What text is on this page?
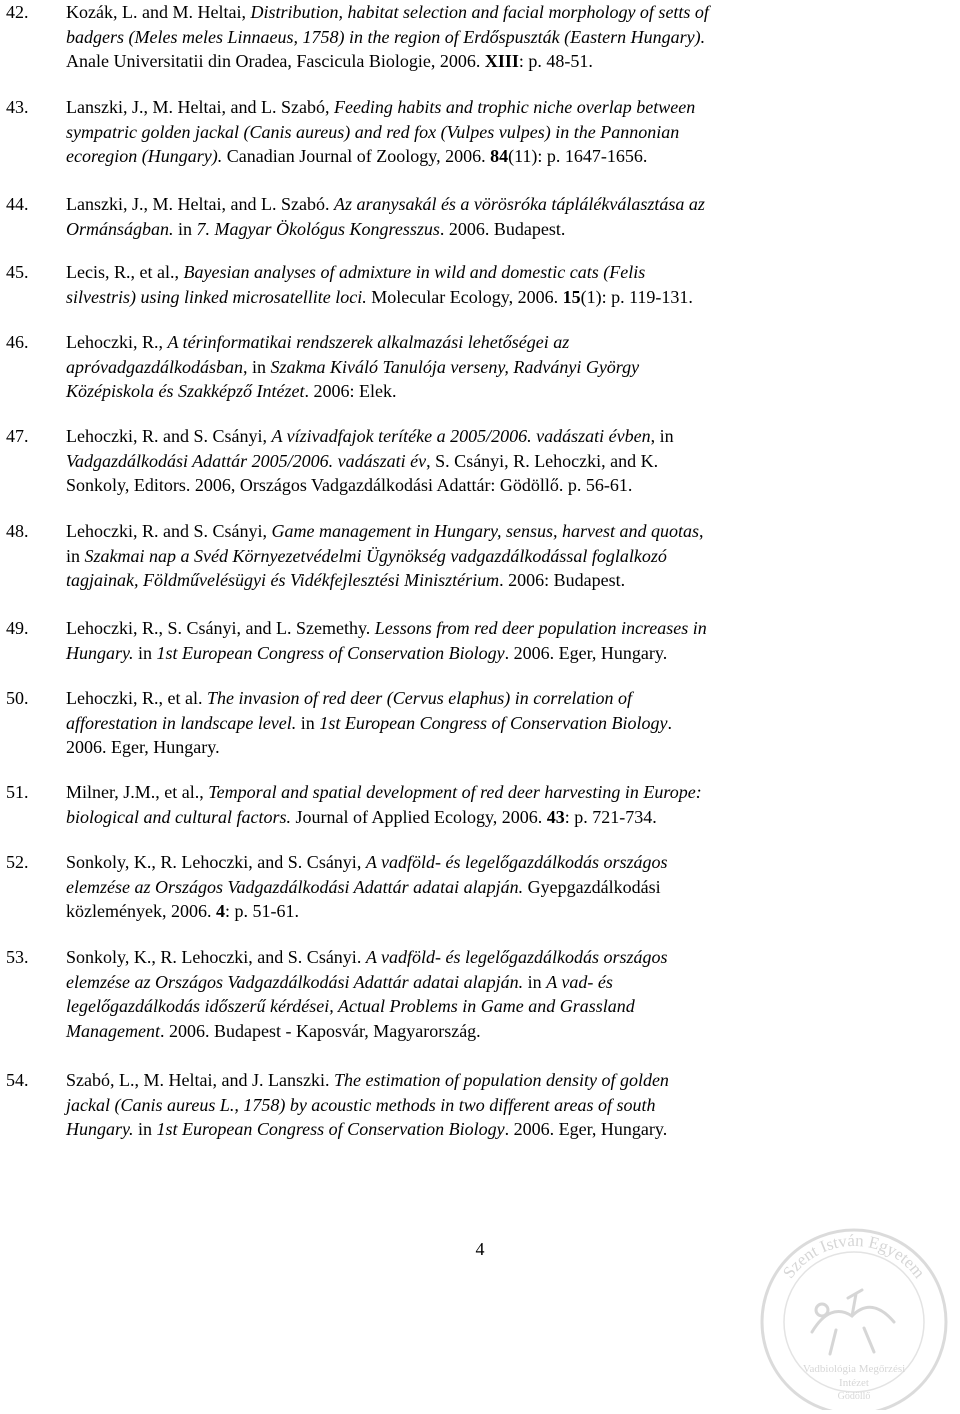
42. Kozák, L. and M. Heltai, Distribution, habitat selection and facial morphology of setts of
badgers (Meles meles Linnaeus, 1758) in the region of Erdőspuszták (Eastern Hungary).
Anale Universitatii din Oradea, Fascicula Biologie, 2006. XIII: p. 48-51.
43. Lanszki, J., M. Heltai, and L. Szabó, Feeding habits and trophic niche overlap between
sympatric golden jackal (Canis aureus) and red fox (Vulpes vulpes) in the Pannonian
ecoregion (Hungary). Canadian Journal of Zoology, 2006. 84(11): p. 1647-1656.
44. Lanszki, J., M. Heltai, and L. Szabó. Az aranysakál és a vörösróka táplálékválasztása az
Ormánságban. in 7. Magyar Ökológus Kongresszus. 2006. Budapest.
45. Lecis, R., et al., Bayesian analyses of admixture in wild and domestic cats (Felis
silvestris) using linked microsatellite loci. Molecular Ecology, 2006. 15(1): p. 119-131.
46. Lehoczki, R., A térinformatikai rendszerek alkalmazási lehetőségei az
apróvadgazdálkodásban, in Szakma Kiváló Tanulója verseny, Radványi György
Középiskola és Szakképző Intézet. 2006: Elek.
47. Lehoczki, R. and S. Csányi, A vízivadfajok terítéke a 2005/2006. vadászati évben, in
Vadgazdálkodási Adattár 2005/2006. vadászati év, S. Csányi, R. Lehoczki, and K.
Sonkoly, Editors. 2006, Országos Vadgazdálkodási Adattár: Gödöllő. p. 56-61.
48. Lehoczki, R. and S. Csányi, Game management in Hungary, sensus, harvest and quotas,
in Szakmai nap a Svéd Környezetvédelmi Ügynökség vadgazdálkodással foglalkozó
tagjainak, Földművelésügyi és Vidékfejlesztési Minisztérium. 2006: Budapest.
49. Lehoczki, R., S. Csányi, and L. Szemethy. Lessons from red deer population increases in
Hungary. in 1st European Congress of Conservation Biology. 2006. Eger, Hungary.
50. Lehoczki, R., et al. The invasion of red deer (Cervus elaphus) in correlation of
afforestation in landscape level. in 1st European Congress of Conservation Biology.
2006. Eger, Hungary.
51. Milner, J.M., et al., Temporal and spatial development of red deer harvesting in Europe:
biological and cultural factors. Journal of Applied Ecology, 2006. 43: p. 721-734.
52. Sonkoly, K., R. Lehoczki, and S. Csányi, A vadföld- és legelőgazdálkodás országos
elemzése az Országos Vadgazdálkodási Adattár adatai alapján. Gyepgazdálkodási
közlemények, 2006. 4: p. 51-61.
53. Sonkoly, K., R. Lehoczki, and S. Csányi. A vadföld- és legelőgazdálkodás országos
elemzése az Országos Vadgazdálkodási Adattár adatai alapján. in A vad- és
legelőgazdálkodás időszerű kérdései, Actual Problems in Game and Grassland
Management. 2006. Budapest - Kaposvár, Magyarország.
54. Szabó, L., M. Heltai, and J. Lanszki. The estimation of population density of golden
jackal (Canis aureus L., 1758) by acoustic methods in two different areas of south
Hungary. in 1st European Congress of Conservation Biology. 2006. Eger, Hungary.
4
Szent István Egyetem
Vadbiológia Megőrzési
Intézet
Gödöllő
